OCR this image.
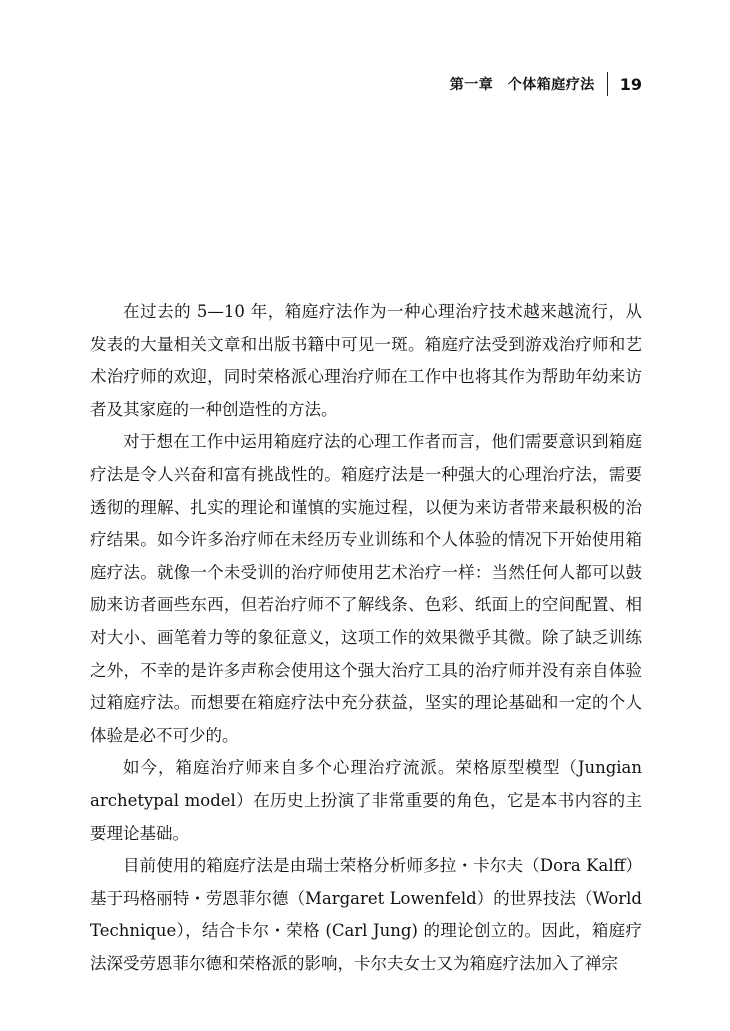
第一章　个体箱庭疗法 19

在过去的 5—10 年，箱庭疗法作为一种心理治疗技术越来越流行，从发表的大量相关文章和出版书籍中可见一斑。箱庭疗法受到游戏治疗师和艺术治疗师的欢迎，同时荣格派心理治疗师在工作中也将其作为帮助年幼来访者及其家庭的一种创造性的方法。

对于想在工作中运用箱庭疗法的心理工作者而言，他们需要意识到箱庭疗法是令人兴奋和富有挑战性的。箱庭疗法是一种强大的心理治疗法，需要透彻的理解、扎实的理论和谨慎的实施过程，以便为来访者带来最积极的治疗结果。如今许多治疗师在未经历专业训练和个人体验的情况下开始使用箱庭疗法。就像一个未受训的治疗师使用艺术治疗一样：当然任何人都可以鼓励来访者画些东西，但若治疗师不了解线条、色彩、纸面上的空间配置、相对大小、画笔着力等的象征意义，这项工作的效果微乎其微。除了缺乏训练之外，不幸的是许多声称会使用这个强大治疗工具的治疗师并没有亲自体验过箱庭疗法。而想要在箱庭疗法中充分获益，坚实的理论基础和一定的个人体验是必不可少的。

如今，箱庭治疗师来自多个心理治疗流派。荣格原型模型（Jungian archetypal model）在历史上扮演了非常重要的角色，它是本书内容的主要理论基础。

目前使用的箱庭疗法是由瑞士荣格分析师多拉・卡尔夫（Dora Kalff）基于玛格丽特・劳恩菲尔德（Margaret Lowenfeld）的世界技法（World Technique），结合卡尔・荣格 (Carl Jung) 的理论创立的。因此，箱庭疗法深受劳恩菲尔德和荣格派的影响，卡尔夫女士又为箱庭疗法加入了禅宗
